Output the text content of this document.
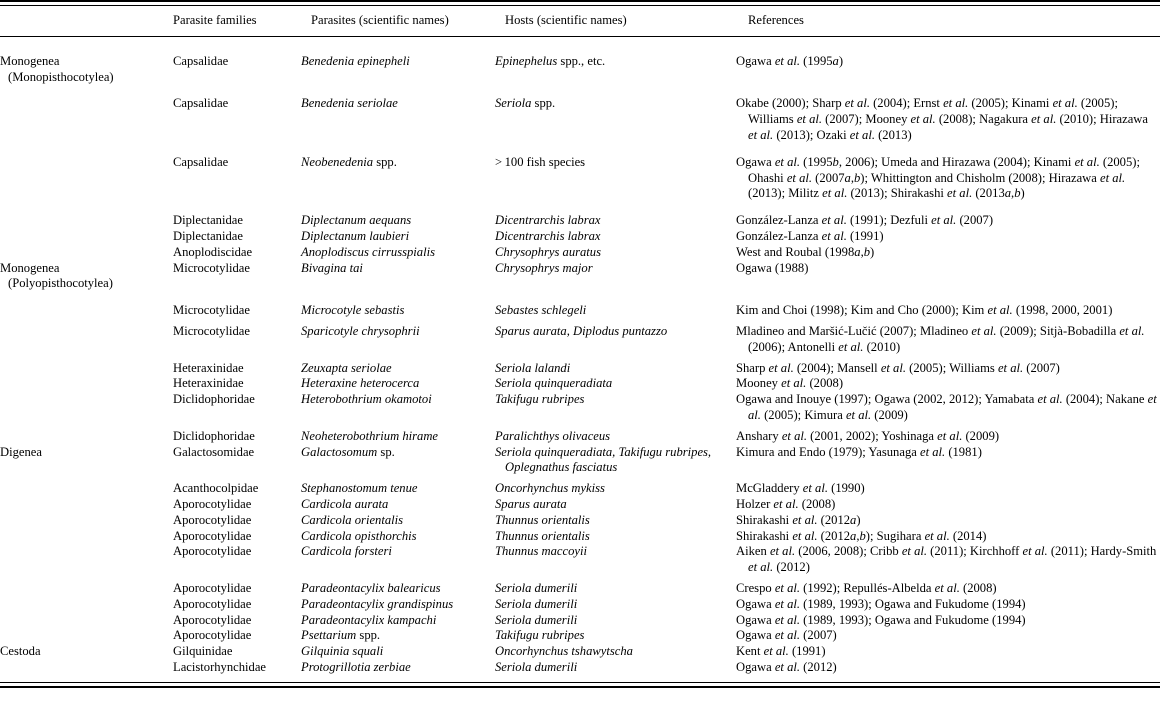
	Parasite families	Parasites (scientific names)	Hosts (scientific names)	References

Monogenea
(Monopisthocotylea)	Capsalidae	Benedenia epinepheli	Epinephelus spp., etc.	Ogawa et al. (1995a)
	Capsalidae	Benedenia seriolae	Seriola spp.	Okabe (2000); Sharp et al. (2004); Ernst et al. (2005); Kinami et al. (2005); Williams et al. (2007); Mooney et al. (2008); Nagakura et al. (2010); Hirazawa et al. (2013); Ozaki et al. (2013)
	Capsalidae	Neobenedenia spp.	> 100 fish species	Ogawa et al. (1995b, 2006); Umeda and Hirazawa (2004); Kinami et al. (2005); Ohashi et al. (2007a,b); Whittington and Chisholm (2008); Hirazawa et al. (2013); Militz et al. (2013); Shirakashi et al. (2013a,b)
	Diplectanidae	Diplectanum aequans	Dicentrarchis labrax	González-Lanza et al. (1991); Dezfuli et al. (2007)
	Diplectanidae	Diplectanum laubieri	Dicentrarchis labrax	González-Lanza et al. (1991)
	Anoplodiscidae	Anoplodiscus cirrusspialis	Chrysophrys auratus	West and Roubal (1998a,b)
Monogenea
(Polyopisthocotylea)	Microcotylidae	Bivagina tai	Chrysophrys major	Ogawa (1988)
	Microcotylidae	Microcotyle sebastis	Sebastes schlegeli	Kim and Choi (1998); Kim and Cho (2000); Kim et al. (1998, 2000, 2001)
	Microcotylidae	Sparicotyle chrysophrii	Sparus aurata, Diplodus puntazzo	Mladineo and Maršić-Lučić (2007); Mladineo et al. (2009); Sitjà-Bobadilla et al. (2006); Antonelli et al. (2010)
	Heteraxinidae	Zeuxapta seriolae	Seriola lalandi	Sharp et al. (2004); Mansell et al. (2005); Williams et al. (2007)
	Heteraxinidae	Heteraxine heterocerca	Seriola quinqueradiata	Mooney et al. (2008)
	Diclidophoridae	Heterobothrium okamotoi	Takifugu rubripes	Ogawa and Inouye (1997); Ogawa (2002, 2012); Yamabata et al. (2004); Nakane et al. (2005); Kimura et al. (2009)
	Diclidophoridae	Neoheterobothrium hirame	Paralichthys olivaceus	Anshary et al. (2001, 2002); Yoshinaga et al. (2009)
Digenea	Galactosomidae	Galactosomum sp.	Seriola quinqueradiata, Takifugu rubripes, Oplegnathus fasciatus	Kimura and Endo (1979); Yasunaga et al. (1981)
	Acanthocolpidae	Stephanostomum tenue	Oncorhynchus mykiss	McGladdery et al. (1990)
	Aporocotylidae	Cardicola aurata	Sparus aurata	Holzer et al. (2008)
	Aporocotylidae	Cardicola orientalis	Thunnus orientalis	Shirakashi et al. (2012a)
	Aporocotylidae	Cardicola opisthorchis	Thunnus orientalis	Shirakashi et al. (2012a,b); Sugihara et al. (2014)
	Aporocotylidae	Cardicola forsteri	Thunnus maccoyii	Aiken et al. (2006, 2008); Cribb et al. (2011); Kirchhoff et al. (2011); Hardy-Smith et al. (2012)
	Aporocotylidae	Paradeontacylix balearicus	Seriola dumerili	Crespo et al. (1992); Repullés-Albelda et al. (2008)
	Aporocotylidae	Paradeontacylix grandispinus	Seriola dumerili	Ogawa et al. (1989, 1993); Ogawa and Fukudome (1994)
	Aporocotylidae	Paradeontacylix kampachi	Seriola dumerili	Ogawa et al. (1989, 1993); Ogawa and Fukudome (1994)
	Aporocotylidae	Psettarium spp.	Takifugu rubripes	Ogawa et al. (2007)
Cestoda	Gilquinidae	Gilquinia squali	Oncorhynchus tshawytscha	Kent et al. (1991)
	Lacistorhynchidae	Protogrillotia zerbiae	Seriola dumerili	Ogawa et al. (2012)
